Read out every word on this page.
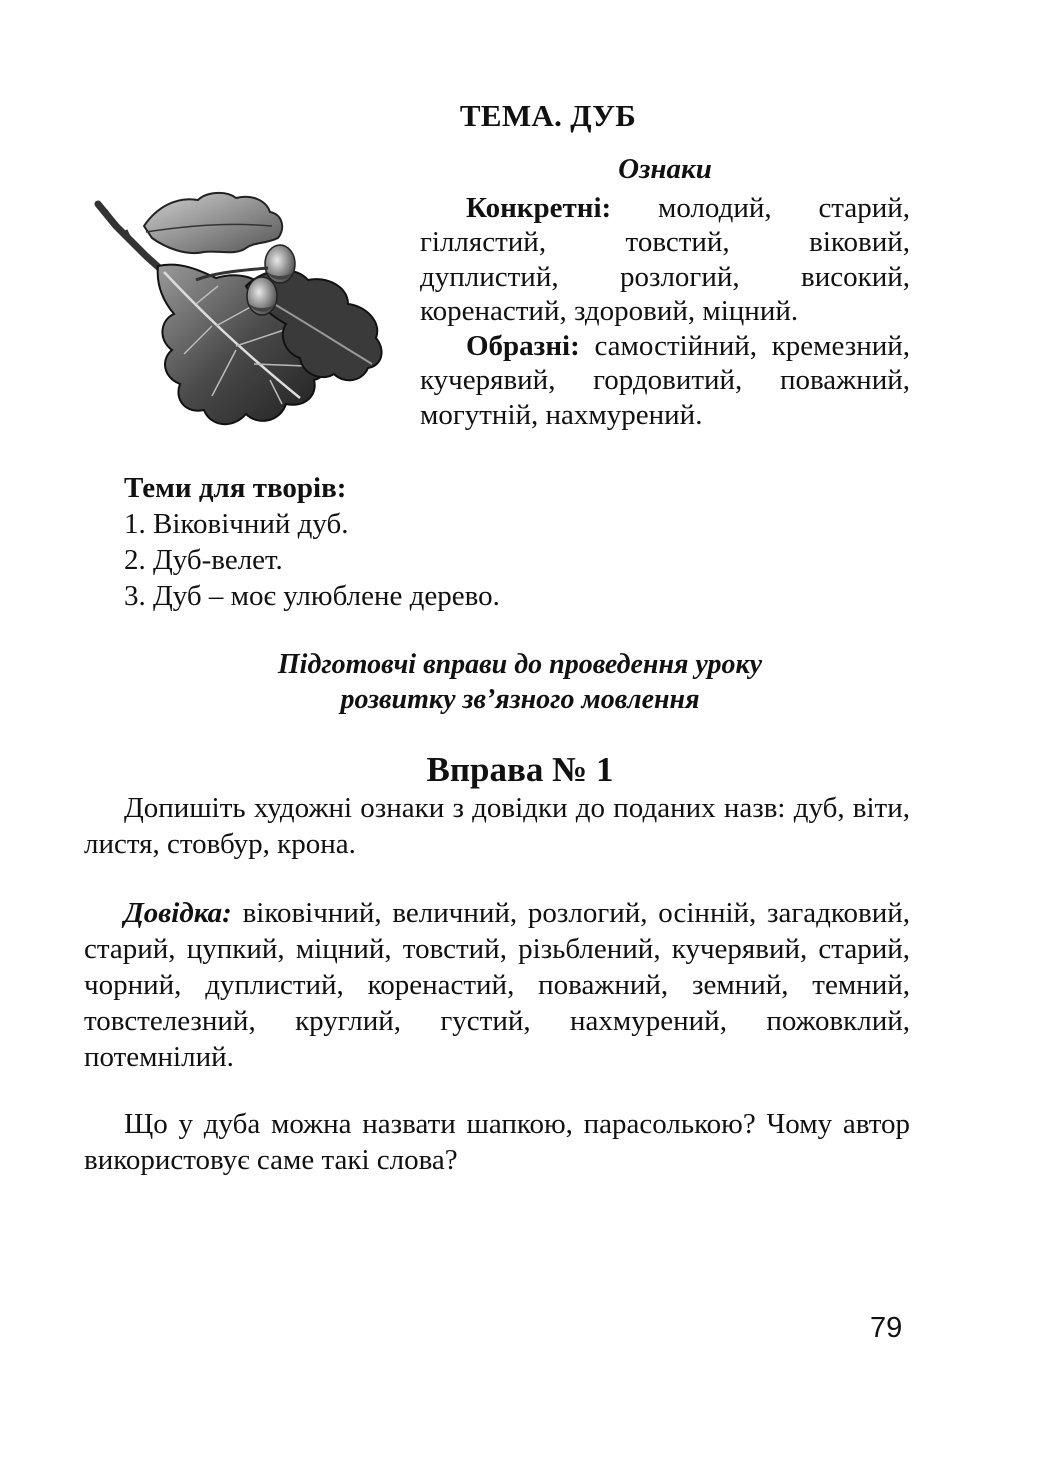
ТЕМА. ДУБ
Ознаки

Конкретні: молодий, старий, гіллястий, товстий, віковий, дуплистий, розлогий, високий, коренастий, здоровий, міцний.

Образні: самостійний, кремезний, кучерявий, гордовитий, поважний, могутній, нахмурений.

Теми для творів:
1. Віковічний дуб.
2. Дуб-велет.
3. Дуб – моє улюблене дерево.
Підготовчі вправи до проведення уроку
розвитку зв’язного мовлення
Вправа № 1

Допишіть художні ознаки з довідки до поданих назв: дуб, віти, листя, стовбур, крона.

Довідка: віковічний, величний, розлогий, осінній, загадковий, старий, цупкий, міцний, товстий, різьблений, кучерявий, старий, чорний, дуплистий, коренастий, поважний, земний, темний, товстелезний, круглий, густий, нахмурений, пожовклий, потемнілий.

Що у дуба можна назвати шапкою, парасолькою? Чому автор використовує саме такі слова?

79
